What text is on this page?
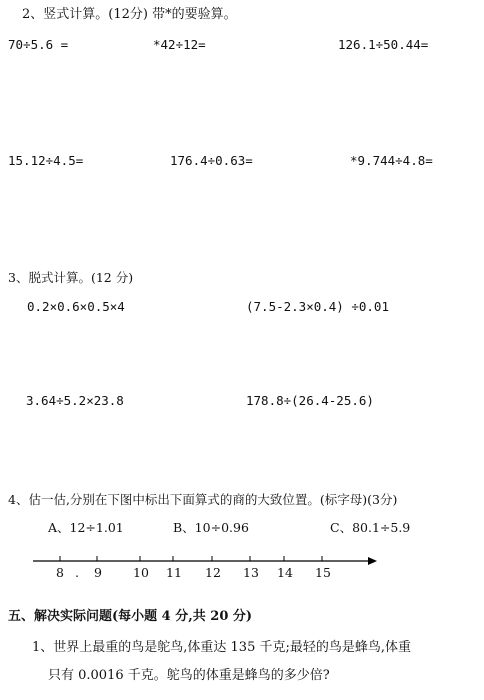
2、竖式计算。(12分) 带*的要验算。
70÷5.6 =	*42÷12=	126.1÷50.44=
15.12÷4.5=	176.4÷0.63=	*9.744÷4.8=
3、脱式计算。(12 分)
0.2×0.6×0.5×4	(7.5-2.3×0.4) ÷0.01
3.64÷5.2×23.8	178.8÷(26.4-25.6)
4、估一估,分别在下图中标出下面算式的商的大致位置。(标字母)(3分)
A、12÷1.01	B、10÷0.96	C、80.1÷5.9
8 . 9 10 11 12 13 14 15
五、解决实际问题(每小题 4 分,共 20 分)
1、世界上最重的鸟是鸵鸟,体重达 135 千克;最轻的鸟是蜂鸟,体重
只有 0.0016 千克。鸵鸟的体重是蜂鸟的多少倍?
